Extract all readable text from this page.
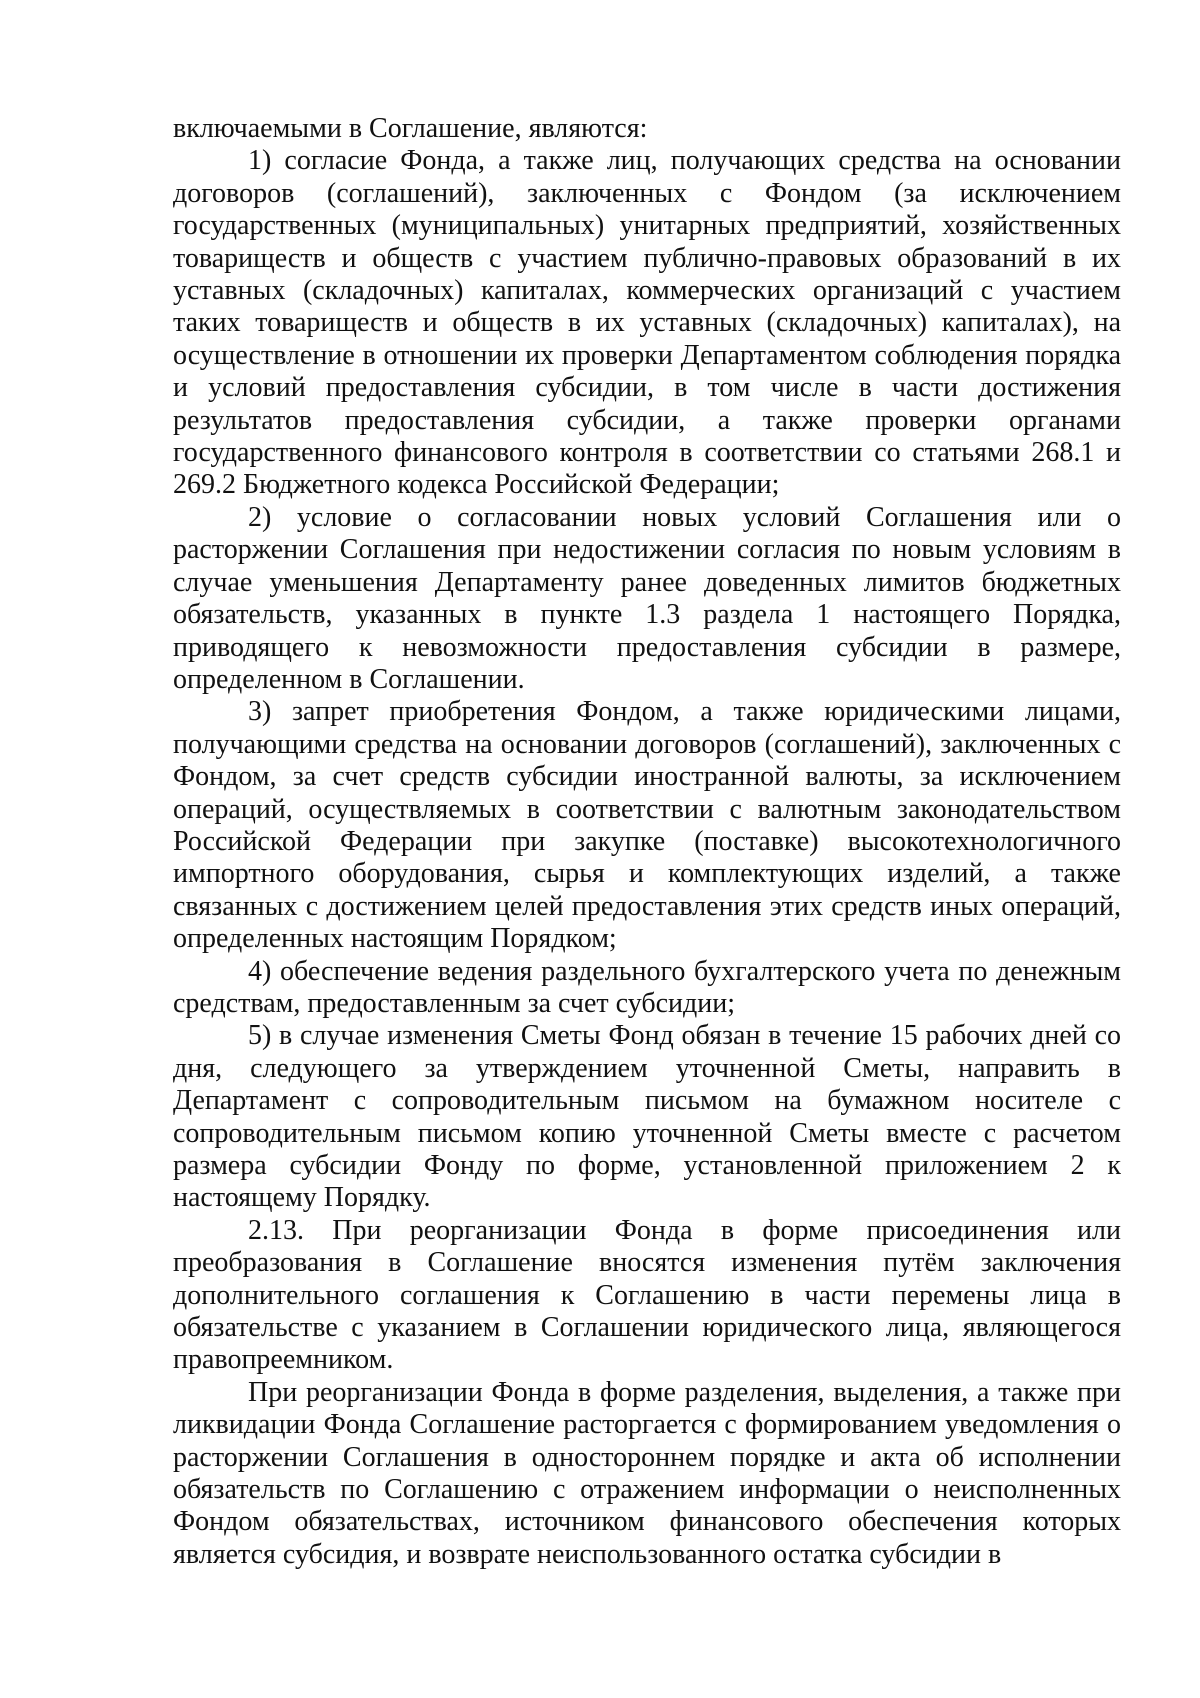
включаемыми в Соглашение, являются:

1) согласие Фонда, а также лиц, получающих средства на основании договоров (соглашений), заключенных с Фондом (за исключением государственных (муниципальных) унитарных предприятий, хозяйственных товариществ и обществ с участием публично-правовых образований в их уставных (складочных) капиталах, коммерческих организаций с участием таких товариществ и обществ в их уставных (складочных) капиталах), на осуществление в отношении их проверки Департаментом соблюдения порядка и условий предоставления субсидии, в том числе в части достижения результатов предоставления субсидии, а также проверки органами государственного финансового контроля в соответствии со статьями 268.1 и 269.2 Бюджетного кодекса Российской Федерации;

2) условие о согласовании новых условий Соглашения или о расторжении Соглашения при недостижении согласия по новым условиям в случае уменьшения Департаменту ранее доведенных лимитов бюджетных обязательств, указанных в пункте 1.3 раздела 1 настоящего Порядка, приводящего к невозможности предоставления субсидии в размере, определенном в Соглашении.

3) запрет приобретения Фондом, а также юридическими лицами, получающими средства на основании договоров (соглашений), заключенных с Фондом, за счет средств субсидии иностранной валюты, за исключением операций, осуществляемых в соответствии с валютным законодательством Российской Федерации при закупке (поставке) высокотехнологичного импортного оборудования, сырья и комплектующих изделий, а также связанных с достижением целей предоставления этих средств иных операций, определенных настоящим Порядком;

4) обеспечение ведения раздельного бухгалтерского учета по денежным средствам, предоставленным за счет субсидии;

5) в случае изменения Сметы Фонд обязан в течение 15 рабочих дней со дня, следующего за утверждением уточненной Сметы, направить в Департамент с сопроводительным письмом на бумажном носителе с сопроводительным письмом копию уточненной Сметы вместе с расчетом размера субсидии Фонду по форме, установленной приложением 2 к настоящему Порядку.

2.13. При реорганизации Фонда в форме присоединения или преобразования в Соглашение вносятся изменения путём заключения дополнительного соглашения к Соглашению в части перемены лица в обязательстве с указанием в Соглашении юридического лица, являющегося правопреемником.

При реорганизации Фонда в форме разделения, выделения, а также при ликвидации Фонда Соглашение расторгается с формированием уведомления о расторжении Соглашения в одностороннем порядке и акта об исполнении обязательств по Соглашению с отражением информации о неисполненных Фондом обязательствах, источником финансового обеспечения которых является субсидия, и возврате неиспользованного остатка субсидии в
